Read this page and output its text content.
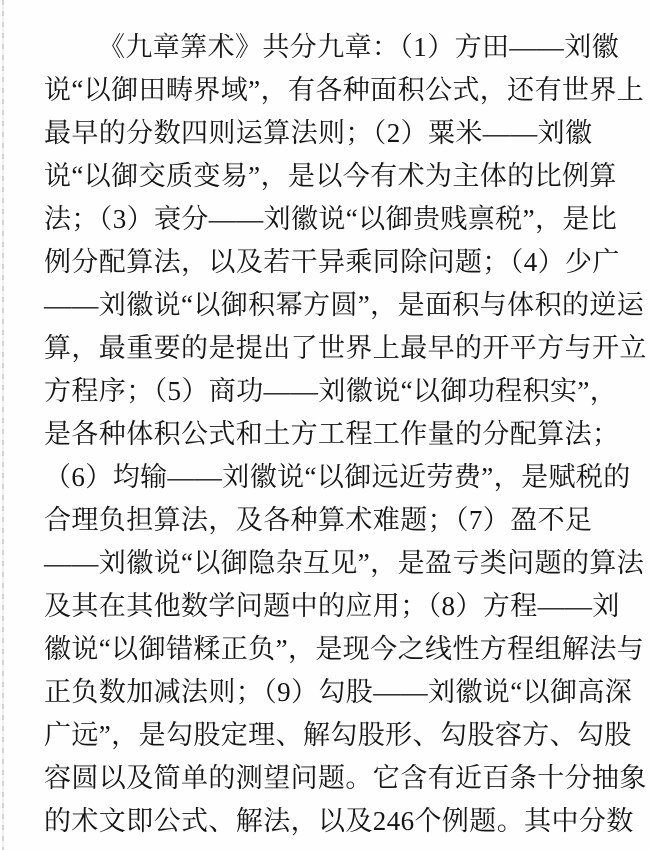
《九章筭术》共分九章：（1）方田——刘徽
说“以御田畴界域”，有各种面积公式，还有世界上
最早的分数四则运算法则；（2）粟米——刘徽
说“以御交质变易”，是以今有术为主体的比例算
法；（3）衰分——刘徽说“以御贵贱禀税”，是比
例分配算法，以及若干异乘同除问题；（4）少广
——刘徽说“以御积幂方圆”，是面积与体积的逆运
算，最重要的是提出了世界上最早的开平方与开立
方程序；（5）商功——刘徽说“以御功程积实”，
是各种体积公式和土方工程工作量的分配算法；
（6）均输——刘徽说“以御远近劳费”，是赋税的
合理负担算法，及各种算术难题；（7）盈不足
——刘徽说“以御隐杂互见”，是盈亏类问题的算法
及其在其他数学问题中的应用；（8）方程——刘
徽说“以御错糅正负”，是现今之线性方程组解法与
正负数加减法则；（9）勾股——刘徽说“以御高深
广远”，是勾股定理、解勾股形、勾股容方、勾股
容圆以及简单的测望问题。它含有近百条十分抽象
的术文即公式、解法，以及246个例题。其中分数
